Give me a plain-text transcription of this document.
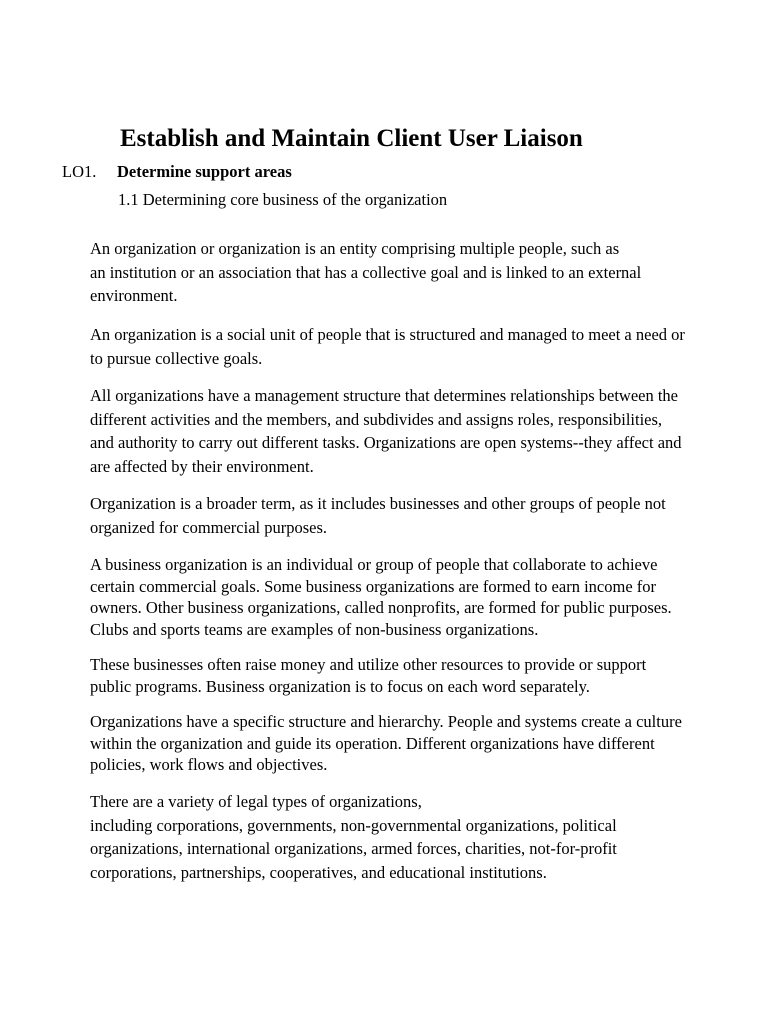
Establish and Maintain Client User Liaison
LO1. Determine support areas
1.1 Determining core business of the organization

An organization or organization is an entity comprising multiple people, such as
an institution or an association that has a collective goal and is linked to an external
environment.

An organization is a social unit of people that is structured and managed to meet a need or
to pursue collective goals.

All organizations have a management structure that determines relationships between the
different activities and the members, and subdivides and assigns roles, responsibilities,
and authority to carry out different tasks. Organizations are open systems--they affect and
are affected by their environment.

Organization is a broader term, as it includes businesses and other groups of people not
organized for commercial purposes.

A business organization is an individual or group of people that collaborate to achieve
certain commercial goals. Some business organizations are formed to earn income for
owners. Other business organizations, called nonprofits, are formed for public purposes.
Clubs and sports teams are examples of non-business organizations.

These businesses often raise money and utilize other resources to provide or support
public programs. Business organization is to focus on each word separately.

Organizations have a specific structure and hierarchy. People and systems create a culture
within the organization and guide its operation. Different organizations have different
policies, work flows and objectives.

There are a variety of legal types of organizations,
including corporations, governments, non-governmental organizations, political
organizations, international organizations, armed forces, charities, not-for-profit
corporations, partnerships, cooperatives, and educational institutions.
